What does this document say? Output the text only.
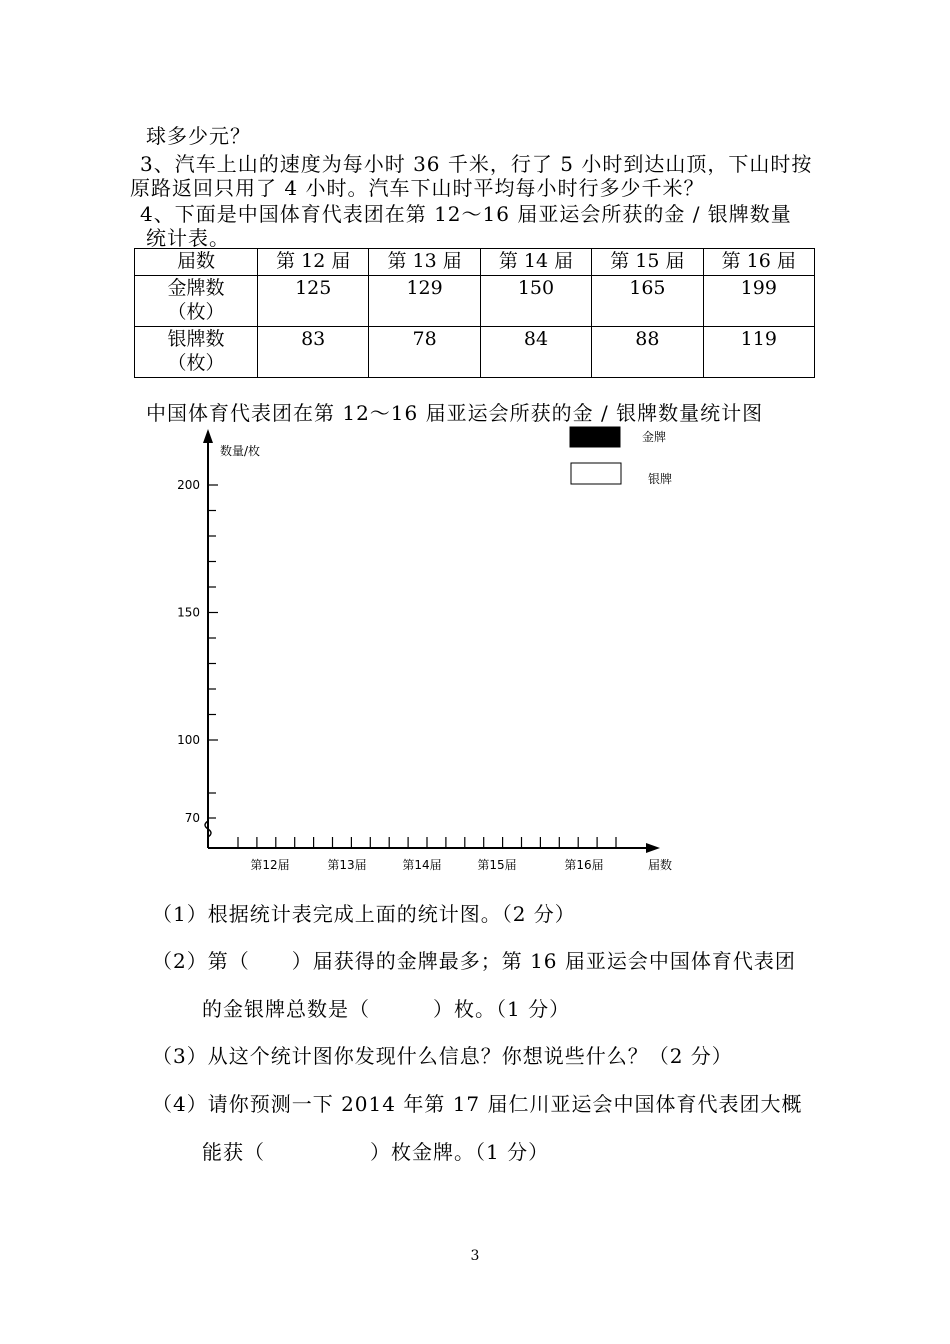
球多少元？
3、汽车上山的速度为每小时 36 千米，行了 5 小时到达山顶，下山时按
原路返回只用了 4 小时。汽车下山时平均每小时行多少千米？
4、下面是中国体育代表团在第 12～16 届亚运会所获的金 / 银牌数量
统计表。
届数	第 12 届	第 13 届	第 14 届	第 15 届	第 16 届
金牌数
（枚）	125	129	150	165	199
银牌数
（枚）	83	78	84	88	119
中国体育代表团在第 12～16 届亚运会所获的金 / 银牌数量统计图
70
100
150
200
数量/枚
第12届	第13届	第14届	第15届	第16届	届数
金牌
银牌
（1）根据统计表完成上面的统计图。（2 分）
（2）第（　　）届获得的金牌最多；第 16 届亚运会中国体育代表团
的金银牌总数是（　　　）枚。（1 分）
（3）从这个统计图你发现什么信息？你想说些什么？（2 分）
（4）请你预测一下 2014 年第 17 届仁川亚运会中国体育代表团大概
能获（　　　　　）枚金牌。（1 分）
3
